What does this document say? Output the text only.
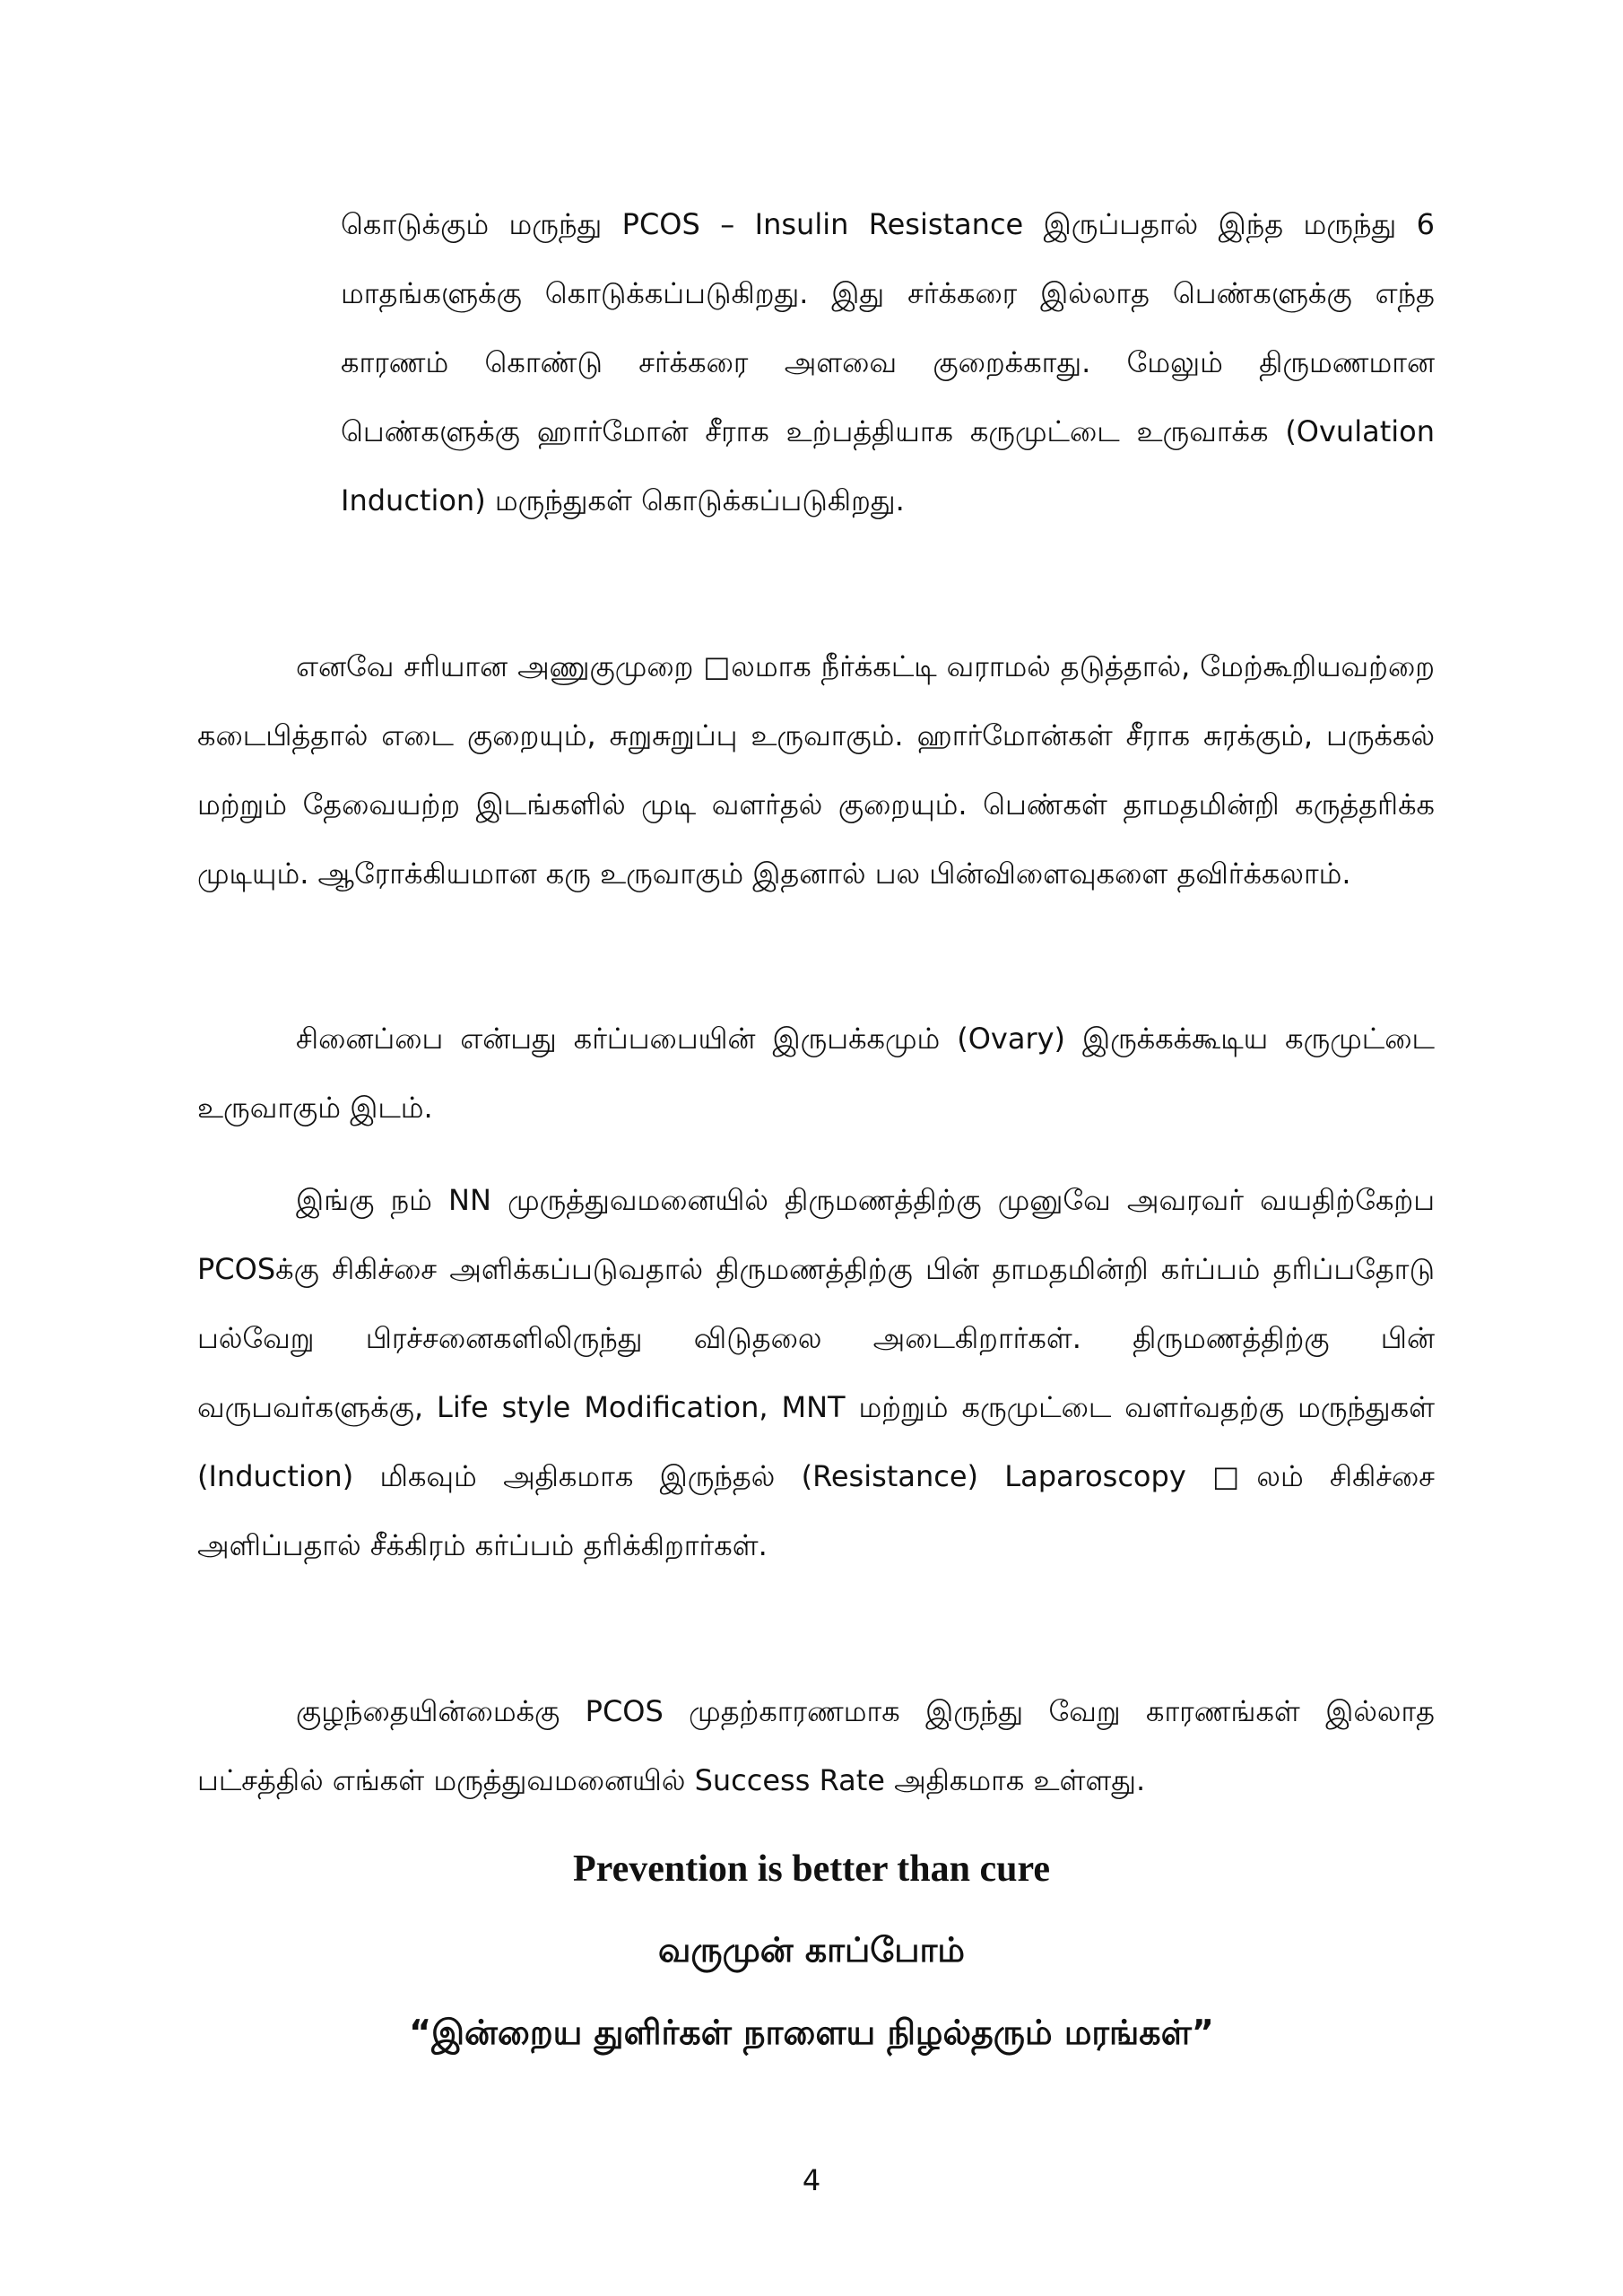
கொடுக்கும் மருந்து PCOS – Insulin Resistance இருப்பதால் இந்த மருந்து 6 மாதங்களுக்கு கொடுக்கப்படுகிறது. இது சர்க்கரை இல்லாத பெண்களுக்கு எந்த காரணம் கொண்டு சர்க்கரை அளவை குறைக்காது. மேலும் திருமணமான பெண்களுக்கு ஹார்மோன் சீராக உற்பத்தியாக கருமுட்டை உருவாக்க (Ovulation Induction) மருந்துகள் கொடுக்கப்படுகிறது.

எனவே சரியான அணுகுமுறை □லமாக நீர்க்கட்டி வராமல் தடுத்தால், மேற்கூறியவற்றை கடைபித்தால் எடை குறையும், சுறுசுறுப்பு உருவாகும். ஹார்மோன்கள் சீராக சுரக்கும், பருக்கல் மற்றும் தேவையற்ற இடங்களில் முடி வளர்தல் குறையும். பெண்கள் தாமதமின்றி கருத்தரிக்க முடியும். ஆரோக்கியமான கரு உருவாகும் இதனால் பல பின்விளைவுகளை தவிர்க்கலாம்.

சினைப்பை என்பது கர்ப்பபையின் இருபக்கமும் (Ovary) இருக்கக்கூடிய கருமுட்டை உருவாகும் இடம்.

இங்கு நம் NN முருத்துவமனையில் திருமணத்திற்கு முனுவே அவரவர் வயதிற்கேற்ப PCOSக்கு சிகிச்சை அளிக்கப்படுவதால் திருமணத்திற்கு பின் தாமதமின்றி கர்ப்பம் தரிப்பதோடு பல்வேறு பிரச்சனைகளிலிருந்து விடுதலை அடைகிறார்கள். திருமணத்திற்கு பின் வருபவர்களுக்கு, Life style Modification, MNT மற்றும் கருமுட்டை வளர்வதற்கு மருந்துகள் (Induction) மிகவும் அதிகமாக இருந்தல் (Resistance) Laparoscopy □லம் சிகிச்சை அளிப்பதால் சீக்கிரம் கர்ப்பம் தரிக்கிறார்கள்.

குழந்தையின்மைக்கு PCOS முதற்காரணமாக இருந்து வேறு காரணங்கள் இல்லாத பட்சத்தில் எங்கள் மருத்துவமனையில் Success Rate அதிகமாக உள்ளது.

Prevention is better than cure
வருமுன் காப்போம்
“இன்றைய துளிர்கள் நாளைய நிழல்தரும் மரங்கள்”
4
